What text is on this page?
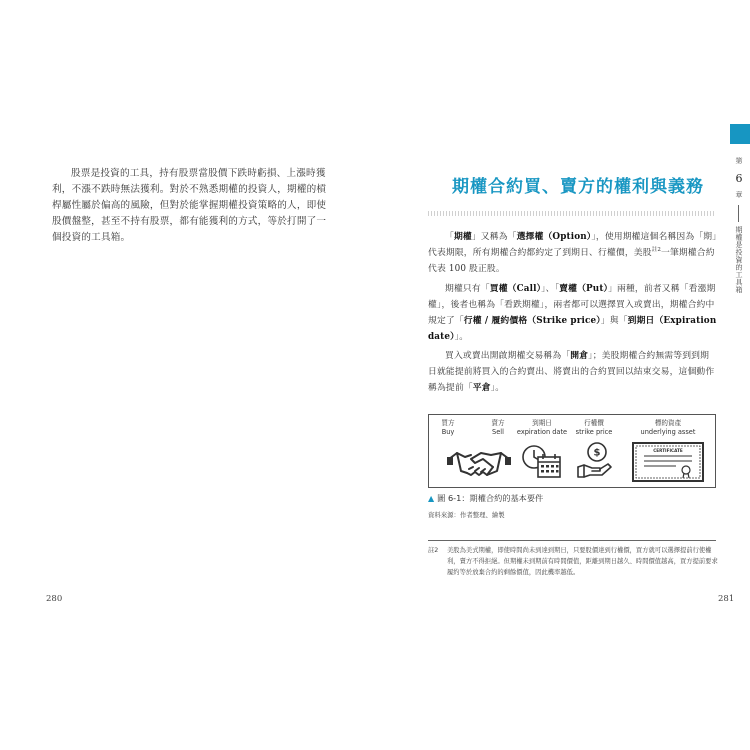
股票是投資的工具，持有股票當股價下跌時虧損、上漲時獲利，不漲不跌時無法獲利。對於不熟悉期權的投資人，期權的槓桿屬性屬於偏高的風險，但對於能掌握期權投資策略的人，即使股價盤整，甚至不持有股票，都有能獲利的方式，等於打開了一個投資的工具箱。

280
期權合約買、賣方的權利與義務

「期權」又稱為「選擇權（Option）」，使用期權這個名稱因為「期」代表期限，所有期權合約都約定了到期日、行權價，美股$^{註2}$一筆期權合約代表 100 股正股。

期權只有「買權（Call）」、「賣權（Put）」兩種，前者又稱「看漲期權」，後者也稱為「看跌期權」，兩者都可以選擇買入或賣出，期權合約中規定了「行權 / 履約價格（Strike price）」與「到期日（Expiration date）」。

買入或賣出開啟期權交易稱為「開倉」；美股期權合約無需等到到期日就能提前將買入的合約賣出、將賣出的合約買回以結束交易，這個動作稱為提前「平倉」。

買方
Buy
賣方
Sell
到期日
expiration date
行權價
strike price
$
標的資產
underlying asset
CERTIFICATE

▲ 圖 6-1：期權合約的基本要件

資料來源：作者整理、繪製

註2 美股為美式期權，即使時間尚未到達到期日，只要股價達到行權價，買方就可以選擇提前行使權利，賣方不得拒絕。但期權未到期前有時間價值，距離到期日越久、時間價值越高，買方提前要求履約等於放棄合約的剩餘價值，因此機率越低。
281
第
6
章
期權是投資的工具箱
